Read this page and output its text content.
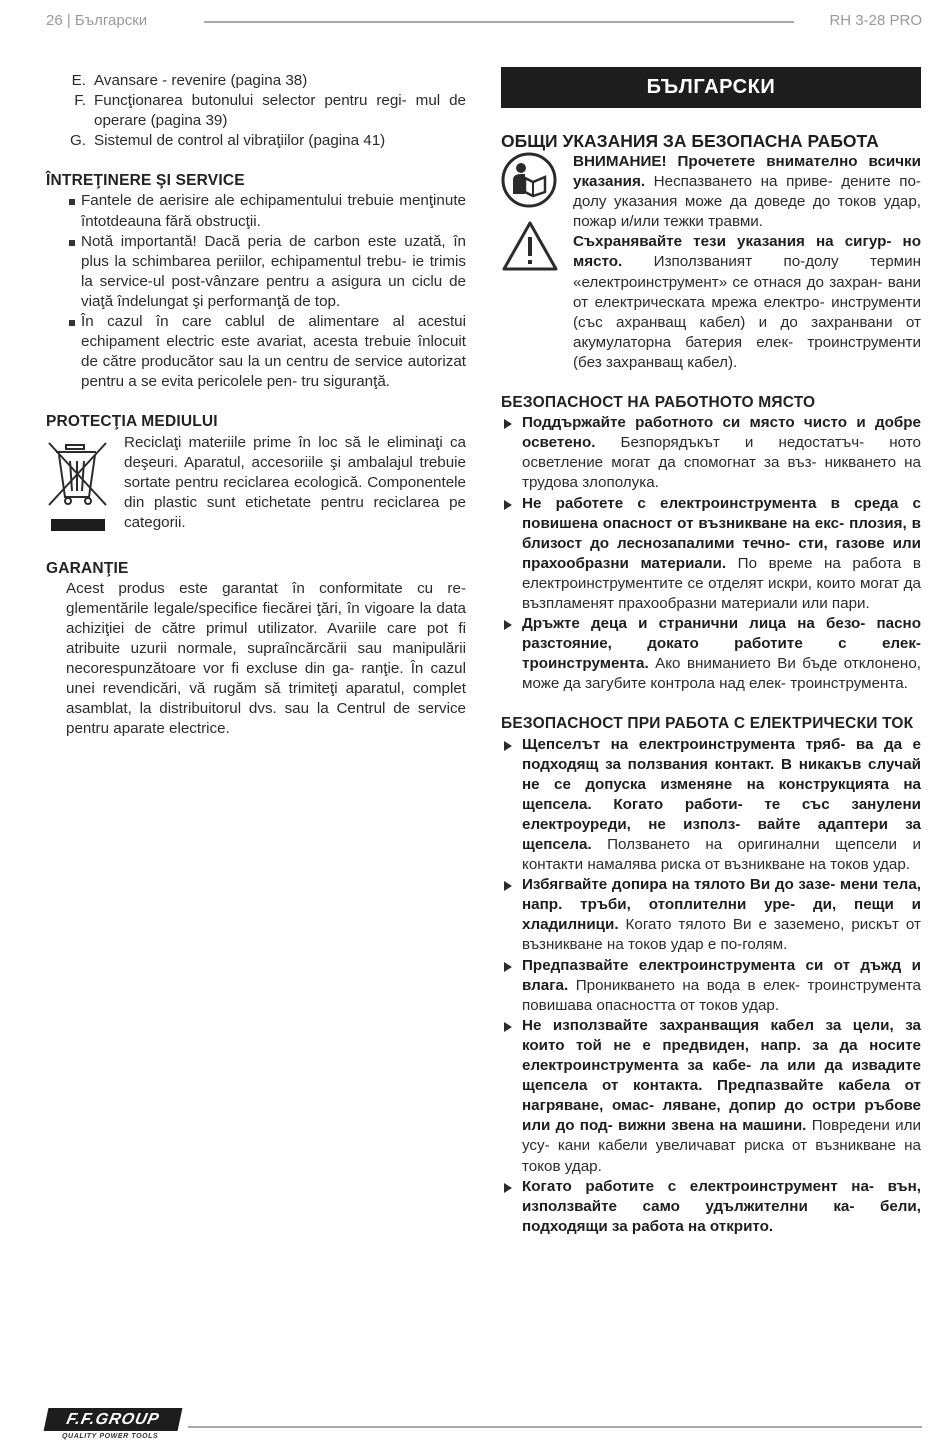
26 | Български	RH 3-28 PRO
E. Avansare - revenire (pagina 38)
F. Funcţionarea butonului selector pentru regi- mul de operare (pagina 39)
G. Sistemul de control al vibraţiilor (pagina 41)
ÎNTREŢINERE ŞI SERVICE
Fantele de aerisire ale echipamentului trebuie menţinute întotdeauna fără obstrucţii.
Notă importantă! Dacă peria de carbon este uzată, în plus la schimbarea periilor, echipamentul trebu- ie trimis la service-ul post-vânzare pentru a asigura un ciclu de viaţă îndelungat şi performanţă de top.
În cazul în care cablul de alimentare al acestui echipament electric este avariat, acesta trebuie înlocuit de către producător sau la un centru de service autorizat pentru a se evita pericolele pen- tru siguranţă.
PROTECŢIA MEDIULUI
Reciclaţi materiile prime în loc să le eliminaţi ca deşeuri. Aparatul, accesoriile şi ambalajul trebuie sortate pentru reciclarea ecologică. Componentele din plastic sunt etichetate pentru reciclarea pe categorii.
GARANŢIE
Acest produs este garantat în conformitate cu re- glementările legale/specifice fiecărei ţări, în vigoare la data achiziţiei de către primul utilizator. Avariile care pot fi atribuite uzurii normale, supraîncărcării sau manipulării necorespunzătoare vor fi excluse din ga- ranţie. În cazul unei revendicări, vă rugăm să trimiteţi aparatul, complet asamblat, la distribuitorul dvs. sau la Centrul de service pentru aparate electrice.
БЪЛГАРСКИ
ОБЩИ УКАЗАНИЯ ЗА БЕЗОПАСНА РАБОТА
ВНИМАНИЕ! Прочетете внимателно всички указания. Неспазването на приве- дените по-долу указания може да доведе до токов удар, пожар и/или тежки травми.
Съхранявайте тези указания на сигур- но място. Използваният по-долу термин «електроинструмент» се отнася до захран- вани от електрическата мрежа електро- инструменти (със ахранващ кабел) и до захранвани от акумулаторна батерия елек- троинструменти (без захранващ кабел).
БЕЗОПАСНОСТ НА РАБОТНОТО МЯСТО
Поддържайте работното си място чисто и добре осветено. Безпорядъкът и недостатъч- ното осветление могат да спомогнат за въз- никването на трудова злополука.
Не работете с електроинструмента в среда с повишена опасност от възникване на екс- плозия, в близост до леснозапалими течно- сти, газове или прахообразни материали. По време на работа в електроинструментите се отделят искри, които могат да възпламенят прахообразни материали или пари.
Дръжте деца и странични лица на безо- пасно разстояние, докато работите с елек- троинструмента. Ако вниманието Ви бъде отклонено, може да загубите контрола над елек- троинструмента.
БЕЗОПАСНОСТ ПРИ РАБОТА С ЕЛЕКТРИЧЕСКИ ТОК
Щепселът на електроинструмента тряб- ва да е подходящ за ползвания контакт. В никакъв случай не се допуска изменяне на конструкцията на щепсела. Когато работи- те със занулени електроуреди, не използ- вайте адаптери за щепсела. Ползването на оригинални щепсели и контакти намалява риска от възникване на токов удар.
Избягвайте допира на тялото Ви до зазе- мени тела, напр. тръби, отоплителни уре- ди, пещи и хладилници. Когато тялото Ви е заземено, рискът от възникване на токов удар е по-голям.
Предпазвайте електроинструмента си от дъжд и влага. Проникването на вода в елек- троинструмента повишава опасността от токов удар.
Не използвайте захранващия кабел за цели, за които той не е предвиден, напр. за да носите електроинструмента за кабе- ла или да извадите щепсела от контакта. Предпазвайте кабела от нагряване, омас- ляване, допир до остри ръбове или до под- вижни звена на машини. Повредени или усу- кани кабели увеличават риска от възникване на токов удар.
Когато работите с електроинструмент на- вън, използвайте само удължителни ка- бели, подходящи за работа на открито.
F.F.GROUP
QUALITY POWER TOOLS
